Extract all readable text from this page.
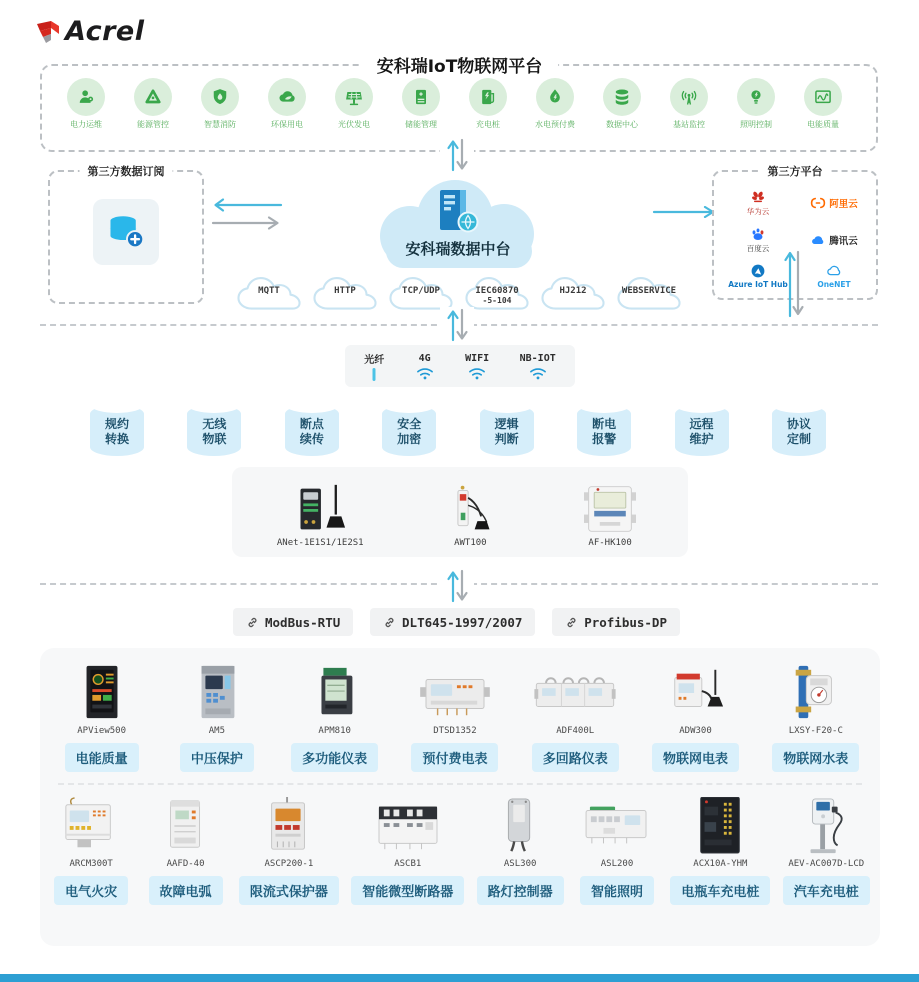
Acrel
安科瑞IoT物联网平台
电力运维	能源管控	智慧消防	环保用电	光伏发电	储能管理	充电桩	水电预付费	数据中心	基站监控	照明控制	电能质量
第三方数据订阅
安科瑞数据中台
第三方平台
华为云
阿里云
百度云
腾讯云
Azure IoT Hub	OneNET
MQTT	HTTP	TCP/UDP	IEC60870
-5-104
HJ212	WEBSERVICE
光纤	4G	WIFI	NB-IOT
规约
转换
无线
物联
断点
续传
安全
加密
逻辑
判断
断电
报警
远程
维护
协议
定制
ANet-1E1S1/1E2S1	AWT100	AF-HK100
ModBus-RTU	DLT645-1997/2007	Profibus-DP
APView500
电能质量
AM5
中压保护
APM810
多功能仪表
DTSD1352
预付费电表
ADF400L
多回路仪表
ADW300
物联网电表
LXSY-F20-C
物联网水表
ARCM300T
电气火灾
AAFD-40
故障电弧
ASCP200-1
限流式保护器
ASCB1
智能微型断路器
ASL300
路灯控制器
ASL200
智能照明
ACX10A-YHM
电瓶车充电桩
AEV-AC007D-LCD
汽车充电桩
